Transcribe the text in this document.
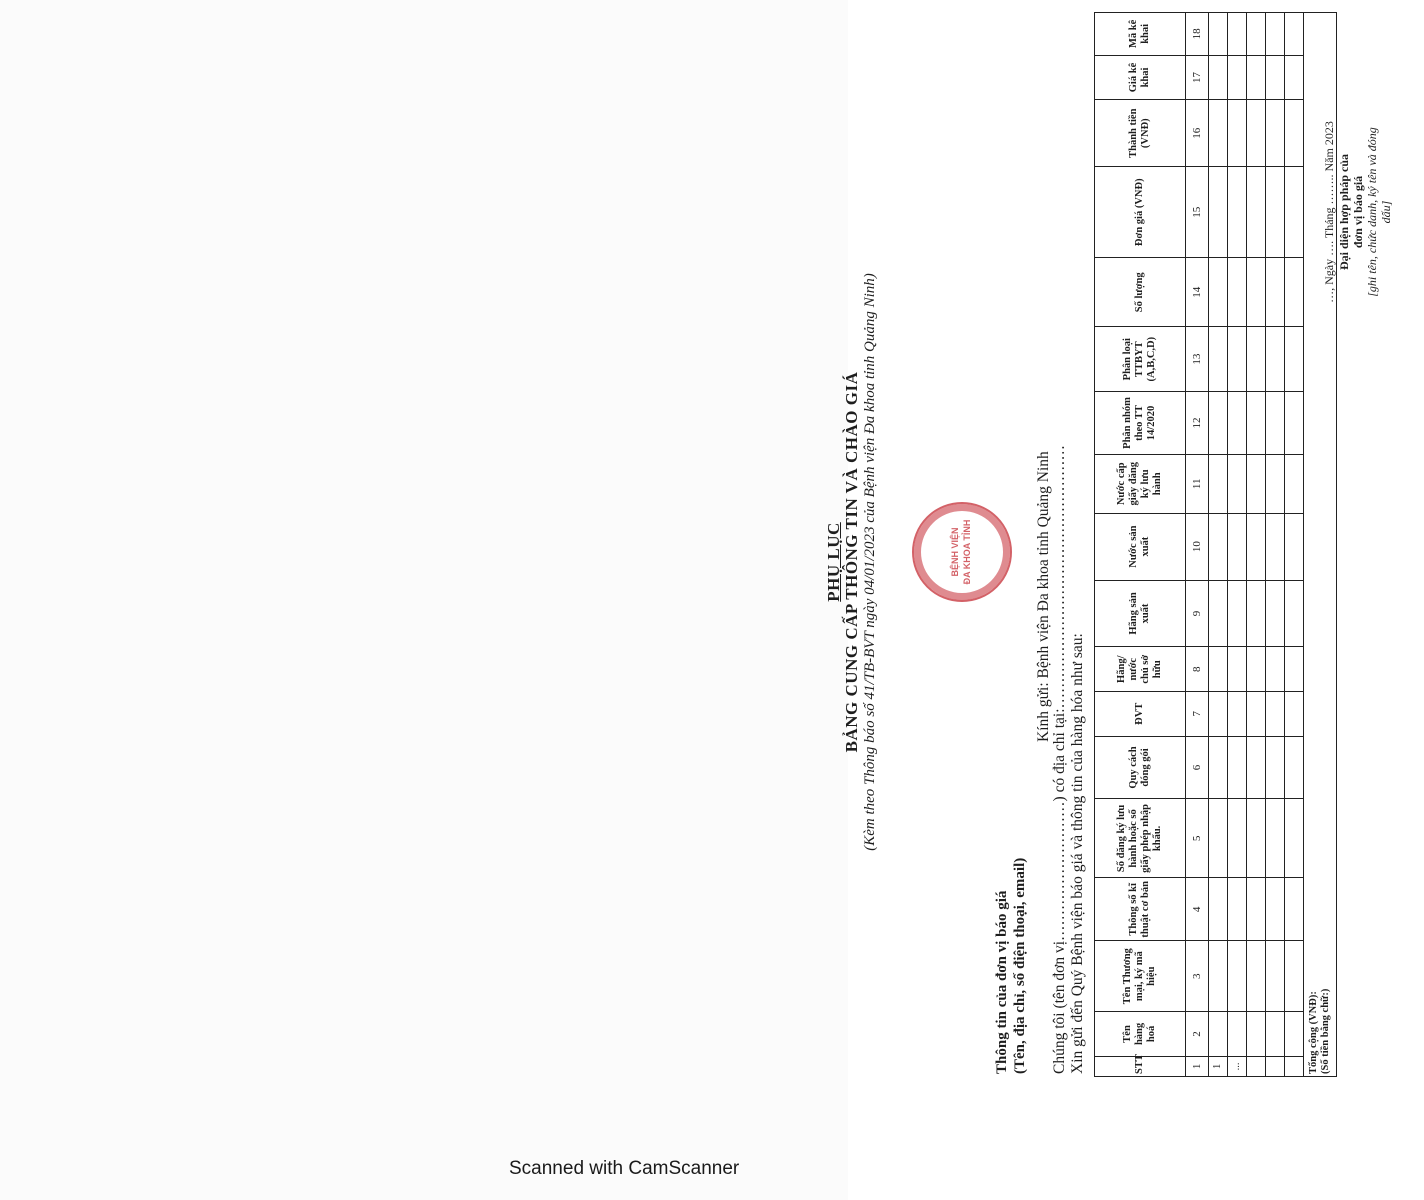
PHỤ LỤC BẢNG CUNG CẤP THÔNG TIN VÀ CHÀO GIÁ (Kèm theo Thông báo số 41/TB-BVT ngày 04/01/2023 của Bệnh viện Đa khoa tỉnh Quảng Ninh)	BỆNH VIỆN ĐA KHOA TỈNH
Thông tin của đơn vị báo giá (Tên, địa chỉ, số điện thoại, email)
Kính gửi: Bệnh viện Đa khoa tỉnh Quảng Ninh Chúng tôi (tên đơn vị………………………) có địa chỉ tại:…………………………………………… Xin gửi đến Quý Bệnh viện báo giá và thông tin của hàng hóa như sau:	STT	Tên hàng hoá	Tên Thương mại, ký mã hiệu	Thông số kĩ thuật cơ bản	Số đăng ký lưu hành hoặc số giấy phép nhập khẩu.	Quy cách đóng gói	ĐVT	Hãng/ nước chủ sở hữu	Hãng sản xuất	Nước sản xuất	Nước cấp giấy đăng ký lưu hành	Phân nhóm theo TT 14/2020	Phân loại TTBYT (A,B,C,D)	Số lượng	Đơn giá (VNĐ)	Thành tiền (VNĐ)	Giá kê khai	Mã kê khai
1	2	3	4	5	6	7	8	9	10	11	12	13	14	15	16	17	18
1																	
...																	

Tổng cộng (VNĐ): (Số tiền bằng chữ:)																	
…, Ngày …. Tháng …….. Năm 2023 Đại diện hợp pháp của đơn vị báo giá [ghi tên, chức danh, ký tên và đóng dấu]
Scanned with CamScanner
